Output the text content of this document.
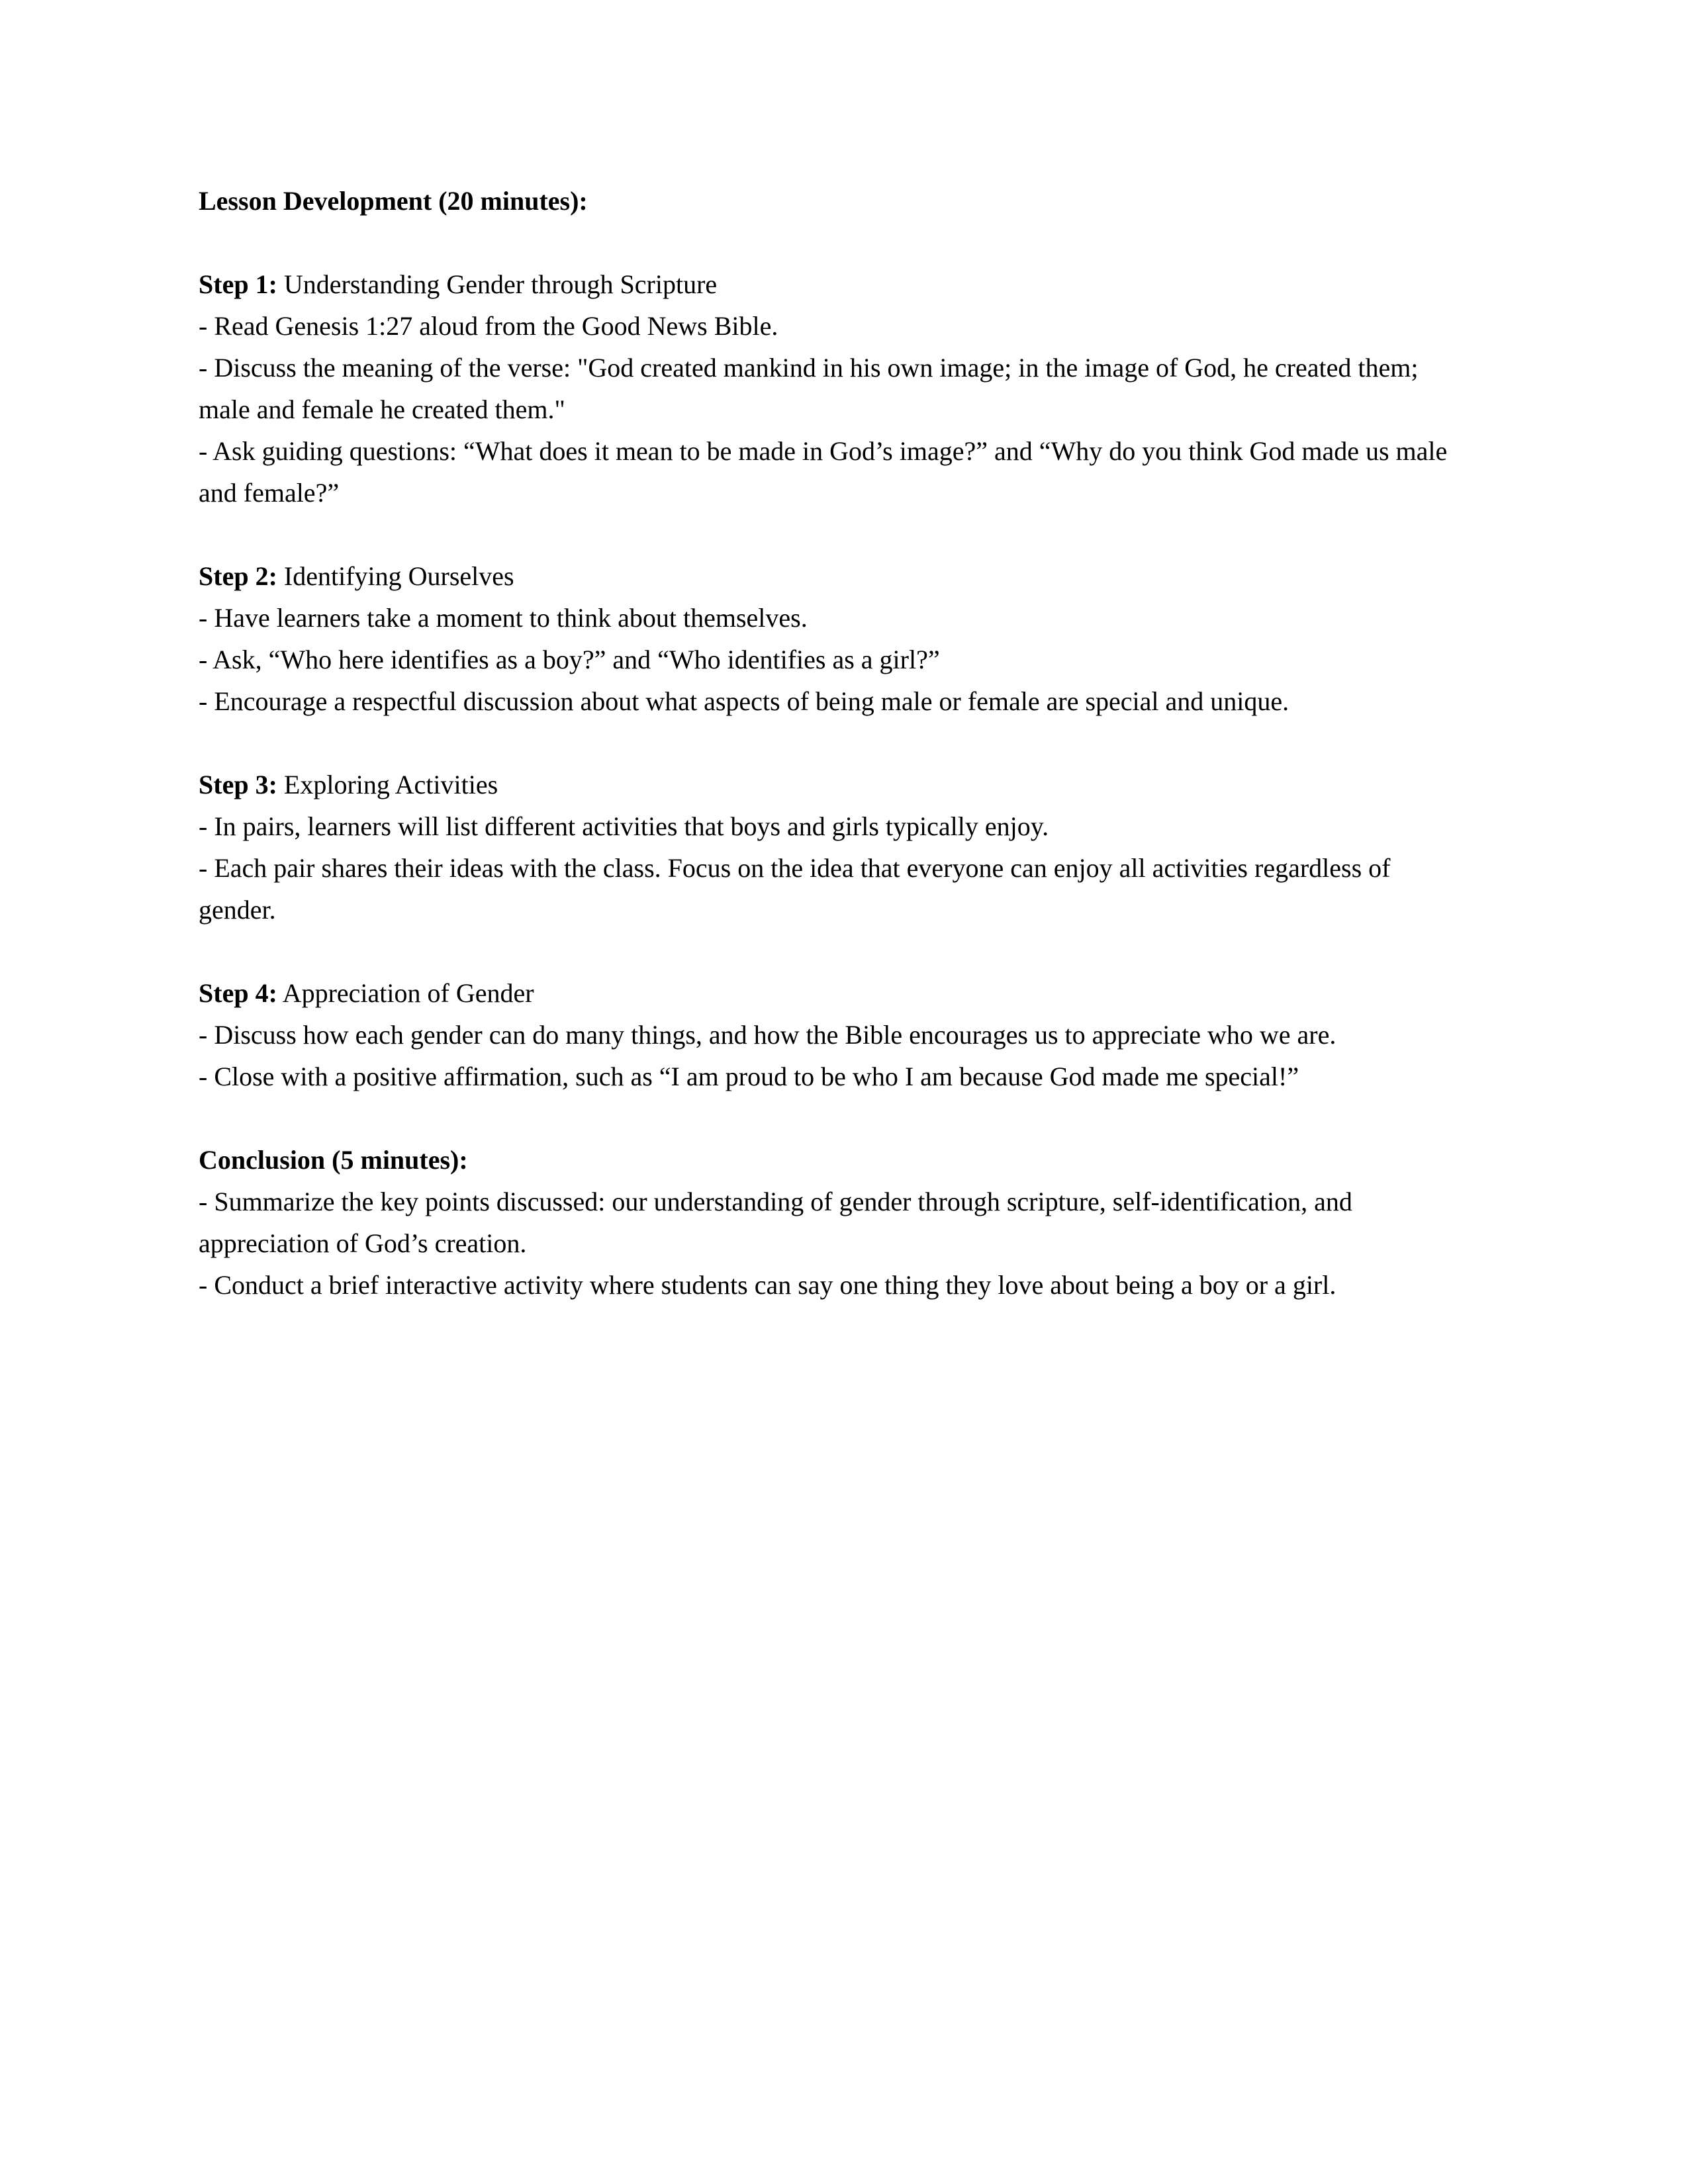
Lesson Development (20 minutes):

Step 1: Understanding Gender through Scripture

- Read Genesis 1:27 aloud from the Good News Bible.

- Discuss the meaning of the verse: "God created mankind in his own image; in the image of God, he created them; male and female he created them."

- Ask guiding questions: “What does it mean to be made in God’s image?” and “Why do you think God made us male and female?”

Step 2: Identifying Ourselves

- Have learners take a moment to think about themselves.

- Ask, “Who here identifies as a boy?” and “Who identifies as a girl?”

- Encourage a respectful discussion about what aspects of being male or female are special and unique.

Step 3: Exploring Activities

- In pairs, learners will list different activities that boys and girls typically enjoy.

- Each pair shares their ideas with the class. Focus on the idea that everyone can enjoy all activities regardless of gender.

Step 4: Appreciation of Gender

- Discuss how each gender can do many things, and how the Bible encourages us to appreciate who we are.

- Close with a positive affirmation, such as “I am proud to be who I am because God made me special!”

Conclusion (5 minutes):

- Summarize the key points discussed: our understanding of gender through scripture, self-identification, and appreciation of God’s creation.

- Conduct a brief interactive activity where students can say one thing they love about being a boy or a girl.
